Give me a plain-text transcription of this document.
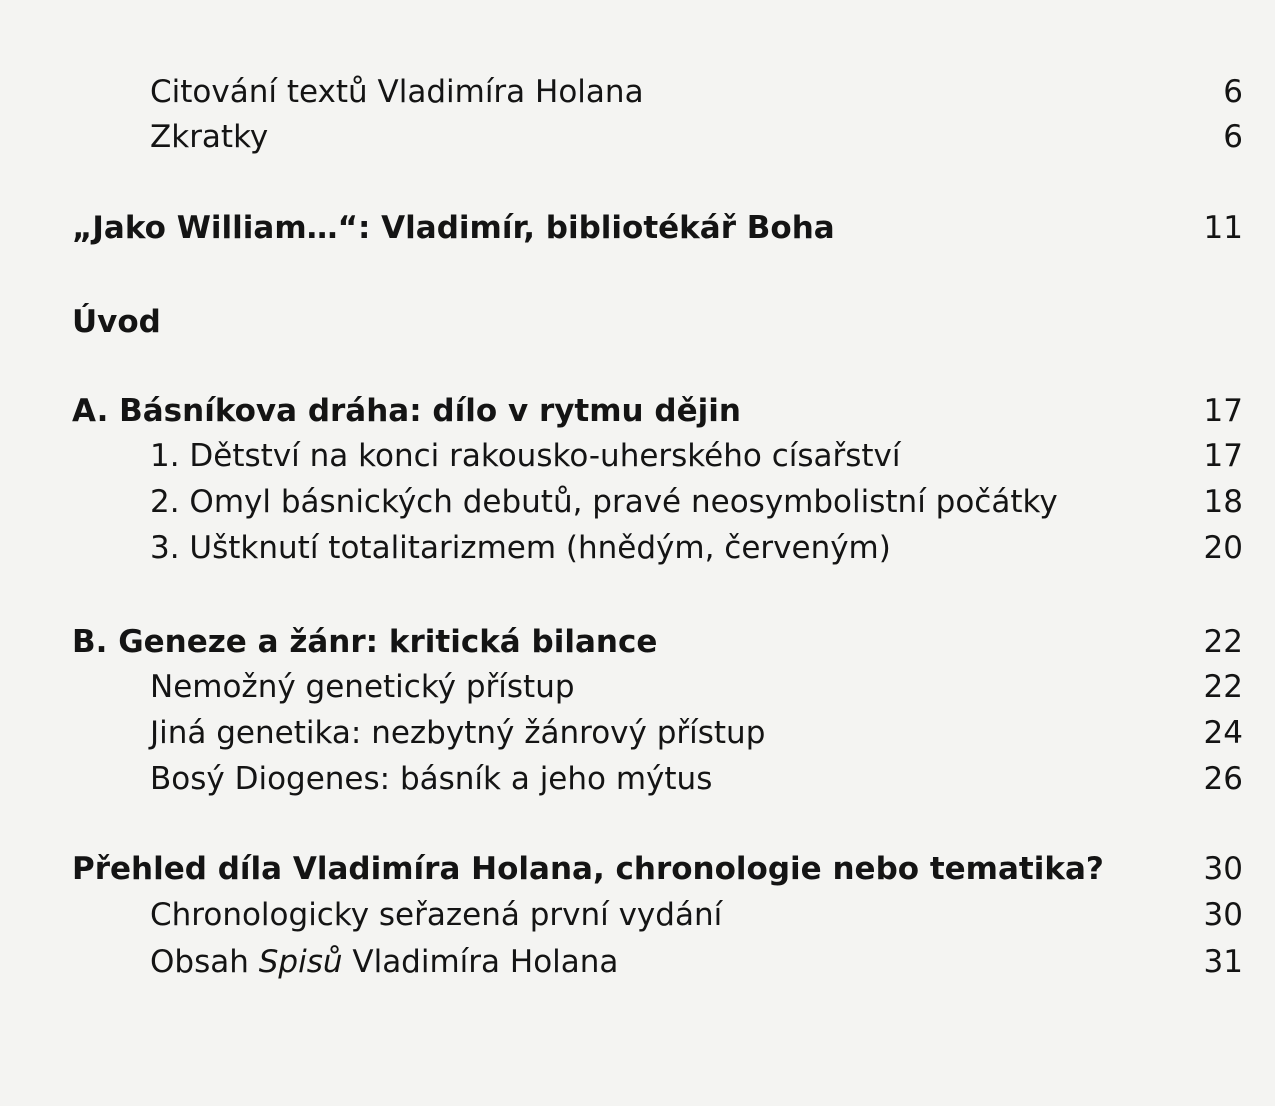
Citování textů Vladimíra Holana	6
Zkratky	6
„Jako William…“: Vladimír, bibliotékář Boha	11
Úvod
A. Básníkova dráha: dílo v rytmu dějin	17
1. Dětství na konci rakousko-uherského císařství	17
2. Omyl básnických debutů, pravé neosymbolistní počátky	18
3. Uštknutí totalitarizmem (hnědým, červeným)	20
B. Geneze a žánr: kritická bilance	22
Nemožný genetický přístup	22
Jiná genetika: nezbytný žánrový přístup	24
Bosý Diogenes: básník a jeho mýtus	26
Přehled díla Vladimíra Holana, chronologie nebo tematika?	30
Chronologicky seřazená první vydání	30
Obsah Spisů Vladimíra Holana	31
